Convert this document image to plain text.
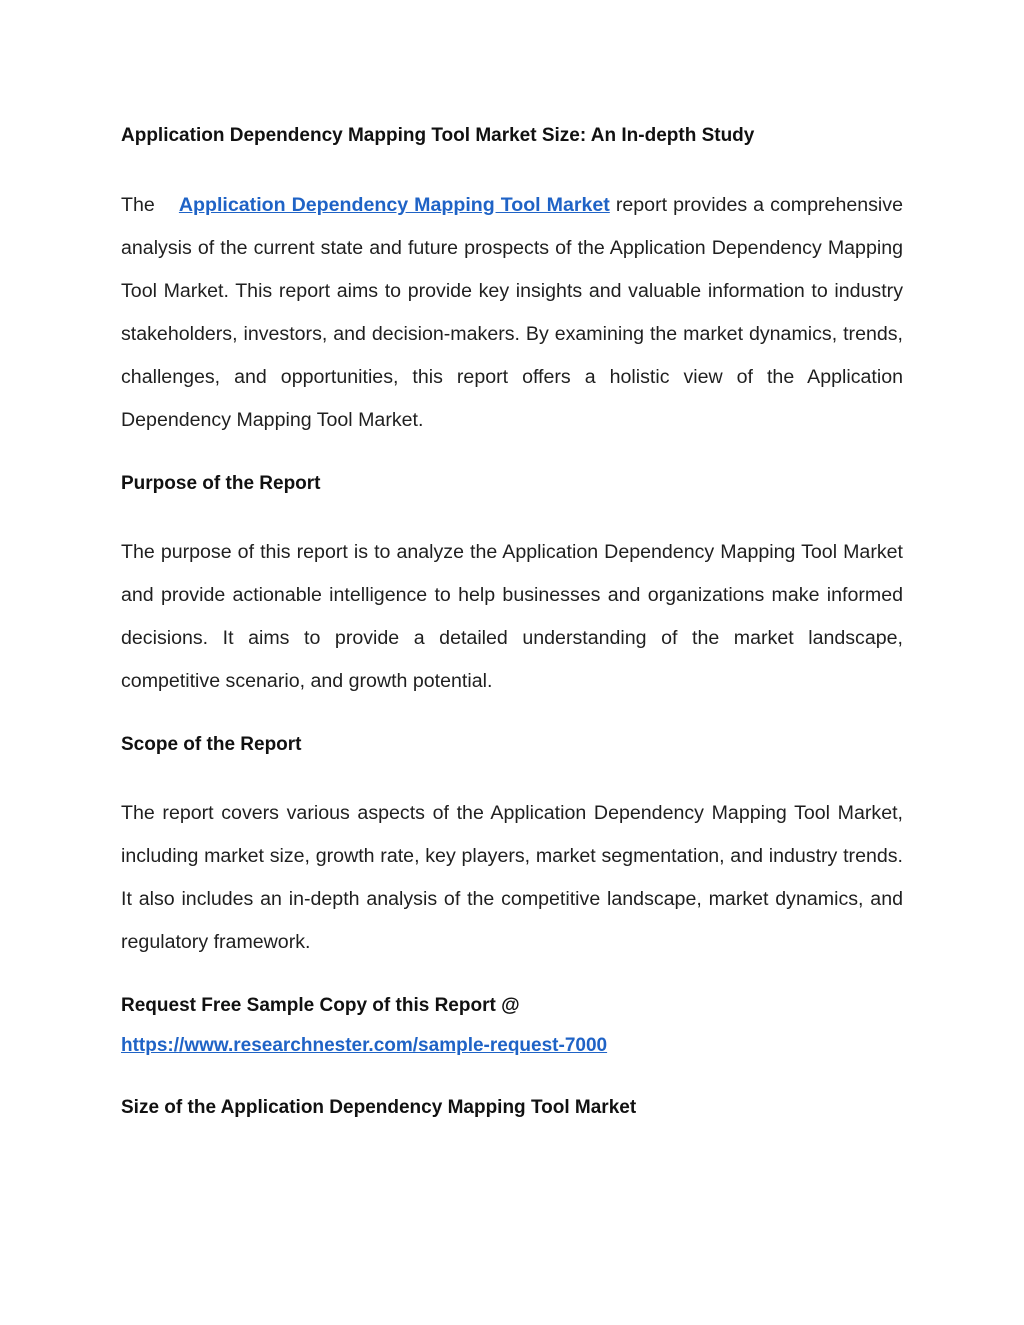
Application Dependency Mapping Tool Market Size: An In-depth Study

The Application Dependency Mapping Tool Market report provides a comprehensive analysis of the current state and future prospects of the Application Dependency Mapping Tool Market. This report aims to provide key insights and valuable information to industry stakeholders, investors, and decision-makers. By examining the market dynamics, trends, challenges, and opportunities, this report offers a holistic view of the Application Dependency Mapping Tool Market.

Purpose of the Report

The purpose of this report is to analyze the Application Dependency Mapping Tool Market and provide actionable intelligence to help businesses and organizations make informed decisions. It aims to provide a detailed understanding of the market landscape, competitive scenario, and growth potential.

Scope of the Report

The report covers various aspects of the Application Dependency Mapping Tool Market, including market size, growth rate, key players, market segmentation, and industry trends. It also includes an in-depth analysis of the competitive landscape, market dynamics, and regulatory framework.

Request Free Sample Copy of this Report @
https://www.researchnester.com/sample-request-7000
Size of the Application Dependency Mapping Tool Market
